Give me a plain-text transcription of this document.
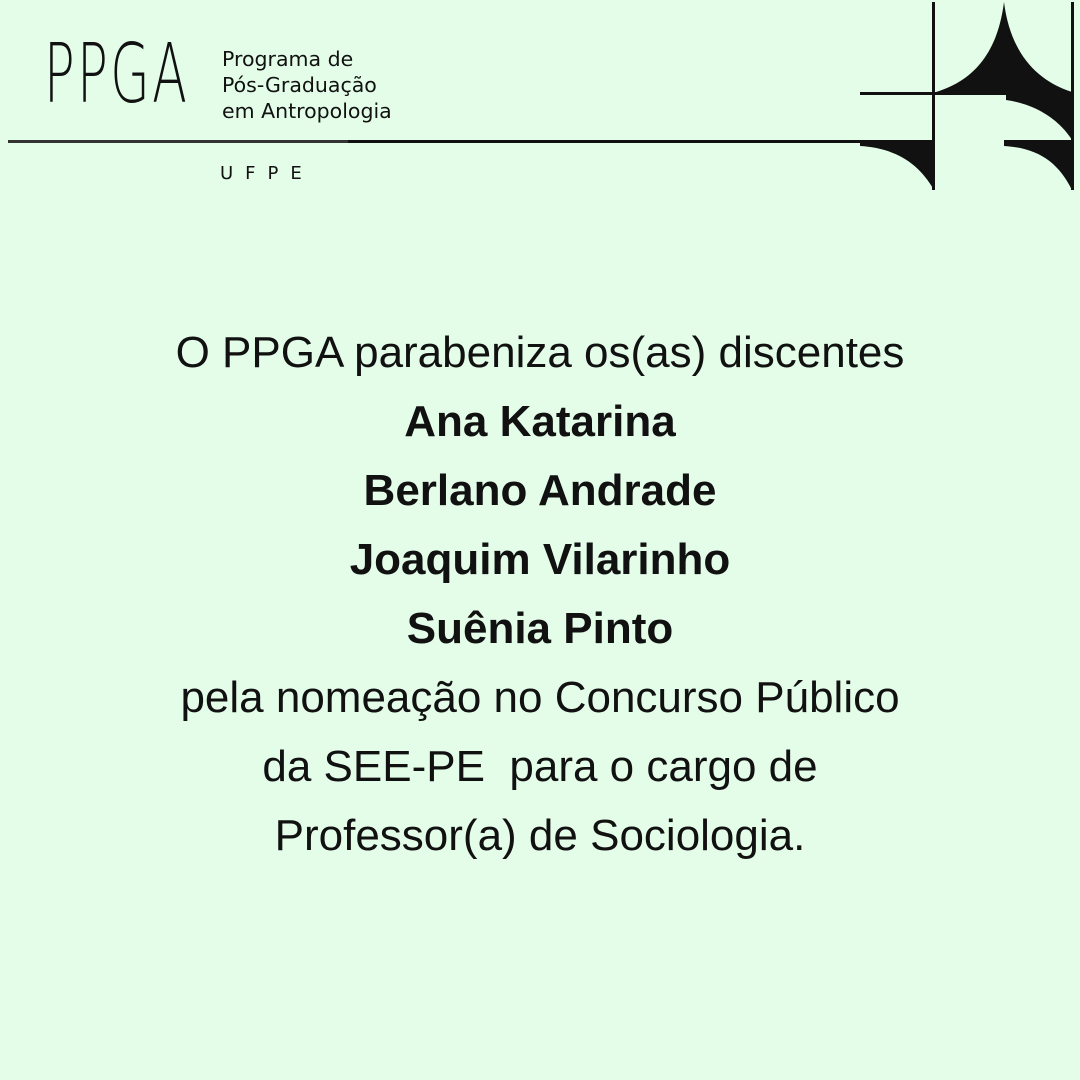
PPGA Programa de
Pós-Graduação
em Antropologia
UFPE
O PPGA parabeniza os(as) discentes
Ana Katarina
Berlano Andrade
Joaquim Vilarinho
Suênia Pinto
pela nomeação no Concurso Público
da SEE-PE  para o cargo de
Professor(a) de Sociologia.
